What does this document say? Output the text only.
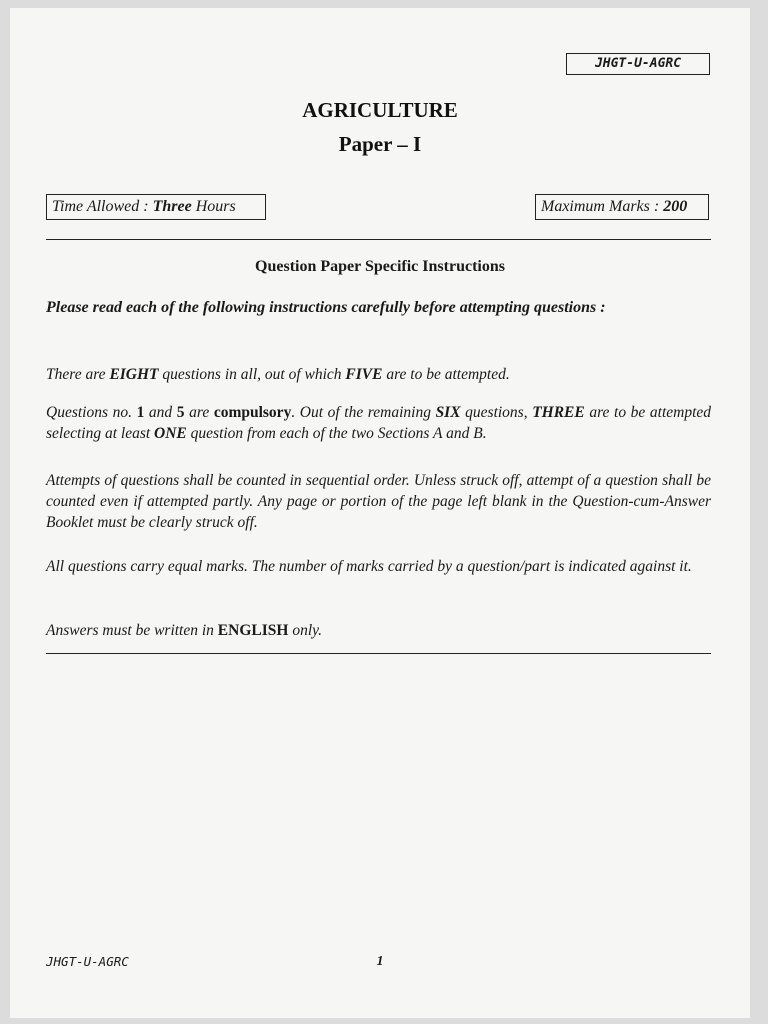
JHGT-U-AGRC
AGRICULTURE
Paper – I
Time Allowed : Three Hours	Maximum Marks : 200
Question Paper Specific Instructions

Please read each of the following instructions carefully before attempting questions :

There are EIGHT questions in all, out of which FIVE are to be attempted.

Questions no. 1 and 5 are compulsory. Out of the remaining SIX questions, THREE are to be attempted selecting at least ONE question from each of the two Sections A and B.

Attempts of questions shall be counted in sequential order. Unless struck off, attempt of a question shall be counted even if attempted partly. Any page or portion of the page left blank in the Question-cum-Answer Booklet must be clearly struck off.

All questions carry equal marks. The number of marks carried by a question/part is indicated against it.

Answers must be written in ENGLISH only.

JHGT-U-AGRC	1
